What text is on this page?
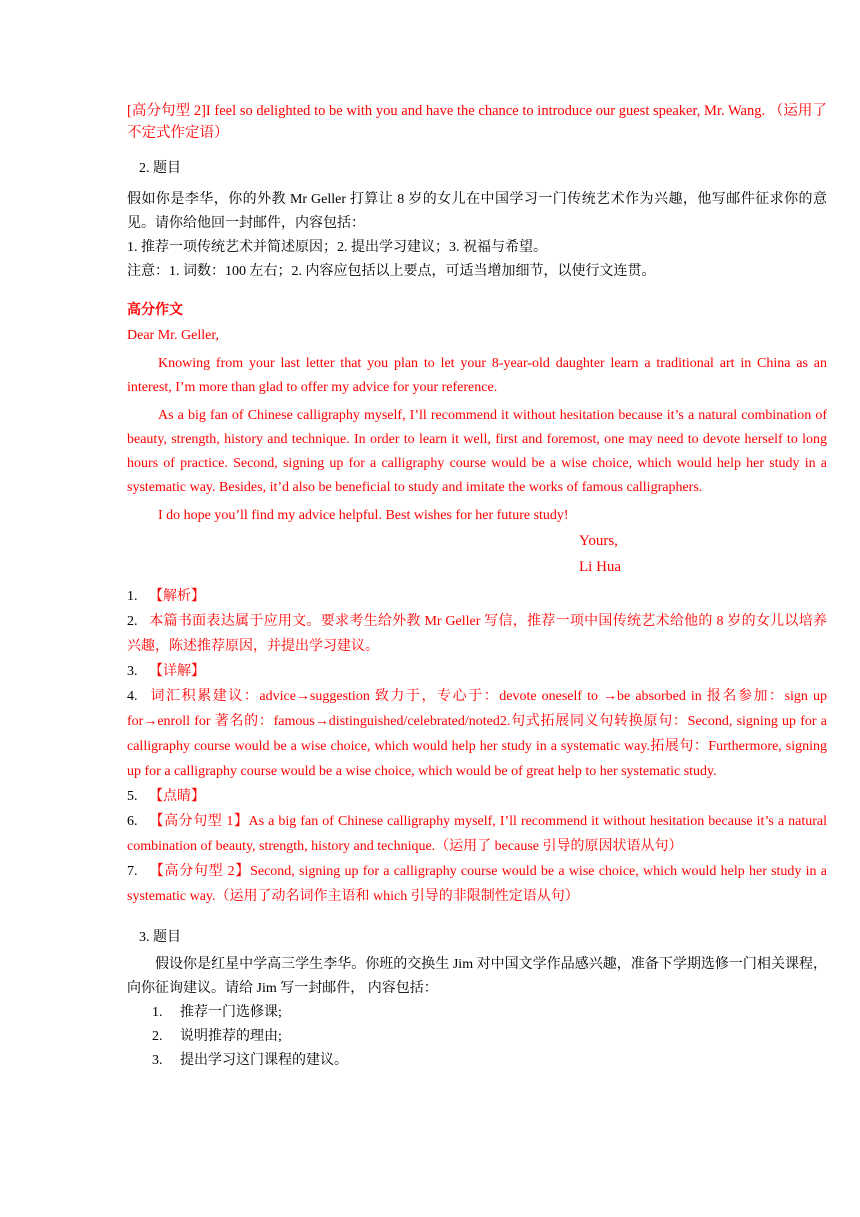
[高分句型 2]I feel so delighted to be with you and have the chance to introduce our guest speaker, Mr. Wang. （运用了不定式作定语）

2. 题目

假如你是李华，你的外教 Mr Geller 打算让 8 岁的女儿在中国学习一门传统艺术作为兴趣，他写邮件征求你的意见。请你给他回一封邮件，内容包括：

1. 推荐一项传统艺术并简述原因；2. 提出学习建议；3. 祝福与希望。

注意：1. 词数：100 左右；2. 内容应包括以上要点，可适当增加细节，以使行文连贯。

高分作文

Dear Mr. Geller,

Knowing from your last letter that you plan to let your 8-year-old daughter learn a traditional art in China as an interest, I’m more than glad to offer my advice for your reference.

As a big fan of Chinese calligraphy myself, I’ll recommend it without hesitation because it’s a natural combination of beauty, strength, history and technique. In order to learn it well, first and foremost, one may need to devote herself to long hours of practice. Second, signing up for a calligraphy course would be a wise choice, which would help her study in a systematic way. Besides, it’d also be beneficial to study and imitate the works of famous calligraphers.

I do hope you’ll find my advice helpful. Best wishes for her future study!

Yours,

Li Hua

1. 【解析】

2. 本篇书面表达属于应用文。要求考生给外教 Mr Geller 写信，推荐一项中国传统艺术给他的 8 岁的女儿以培养兴趣，陈述推荐原因，并提出学习建议。

3. 【详解】

4. 词汇积累建议：advice→suggestion 致力于，专心于：devote oneself to →be absorbed in 报名参加：sign up for→enroll for 著名的：famous→distinguished/celebrated/noted2.句式拓展同义句转换原句：Second, signing up for a calligraphy course would be a wise choice, which would help her study in a systematic way.拓展句：Furthermore, signing up for a calligraphy course would be a wise choice, which would be of great help to her systematic study.

5. 【点睛】

6. 【高分句型 1】As a big fan of Chinese calligraphy myself, I’ll recommend it without hesitation because it’s a natural combination of beauty, strength, history and technique.（运用了 because 引导的原因状语从句）

7. 【高分句型 2】Second, signing up for a calligraphy course would be a wise choice, which would help her study in a systematic way.（运用了动名词作主语和 which 引导的非限制性定语从句）

3. 题目

假设你是红星中学高三学生李华。你班的交换生 Jim 对中国文学作品感兴趣，准备下学期选修一门相关课程， 向你征询建议。请给 Jim 写一封邮件， 内容包括：

1. 推荐一门选修课;
2. 说明推荐的理由;
3. 提出学习这门课程的建议。
